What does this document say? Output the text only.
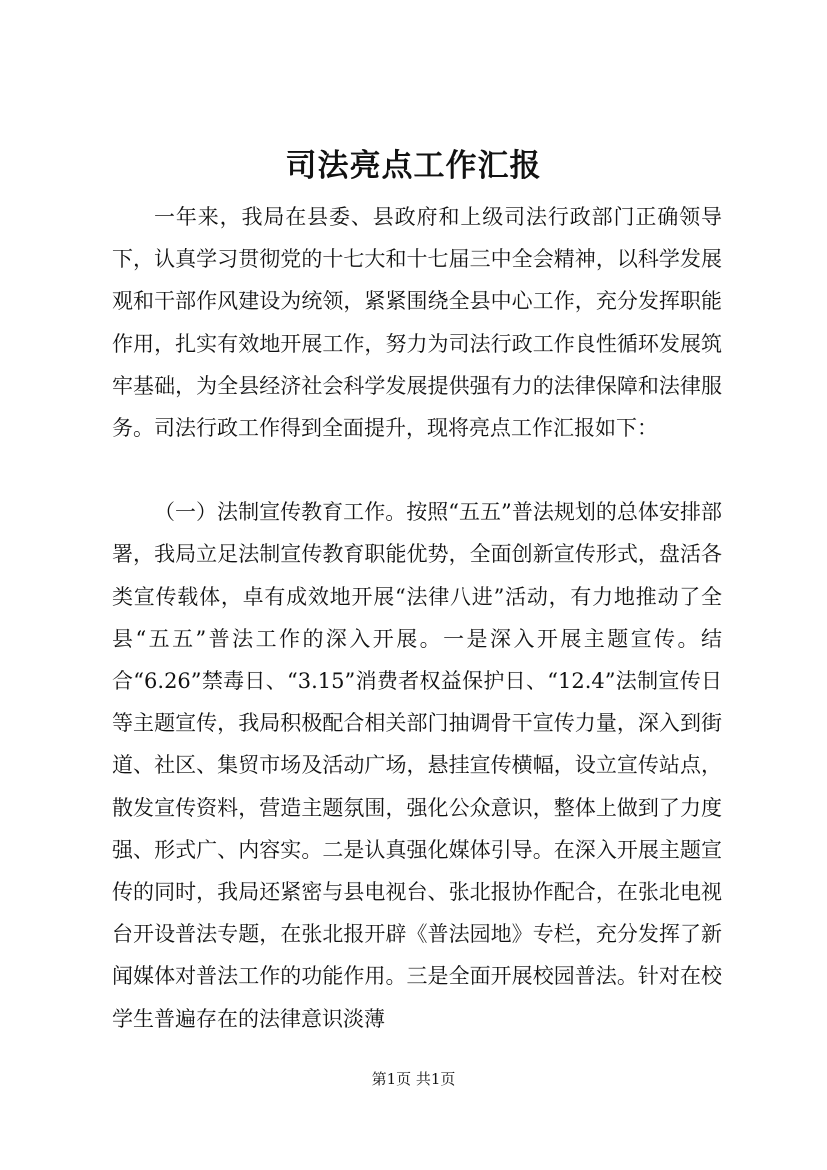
司法亮点工作汇报

一年来，我局在县委、县政府和上级司法行政部门正确领导下，认真学习贯彻党的十七大和十七届三中全会精神，以科学发展观和干部作风建设为统领，紧紧围绕全县中心工作，充分发挥职能作用，扎实有效地开展工作，努力为司法行政工作良性循环发展筑牢基础，为全县经济社会科学发展提供强有力的法律保障和法律服务。司法行政工作得到全面提升，现将亮点工作汇报如下：

（一）法制宣传教育工作。按照“五五”普法规划的总体安排部署，我局立足法制宣传教育职能优势，全面创新宣传形式，盘活各类宣传载体，卓有成效地开展“法律八进”活动，有力地推动了全县“五五”普法工作的深入开展。一是深入开展主题宣传。结合“6.26”禁毒日、“3.15”消费者权益保护日、“12.4”法制宣传日等主题宣传，我局积极配合相关部门抽调骨干宣传力量，深入到街道、社区、集贸市场及活动广场，悬挂宣传横幅，设立宣传站点，散发宣传资料，营造主题氛围，强化公众意识，整体上做到了力度强、形式广、内容实。二是认真强化媒体引导。在深入开展主题宣传的同时，我局还紧密与县电视台、张北报协作配合，在张北电视台开设普法专题，在张北报开辟《普法园地》专栏，充分发挥了新闻媒体对普法工作的功能作用。三是全面开展校园普法。针对在校学生普遍存在的法律意识淡薄

第1页 共1页
